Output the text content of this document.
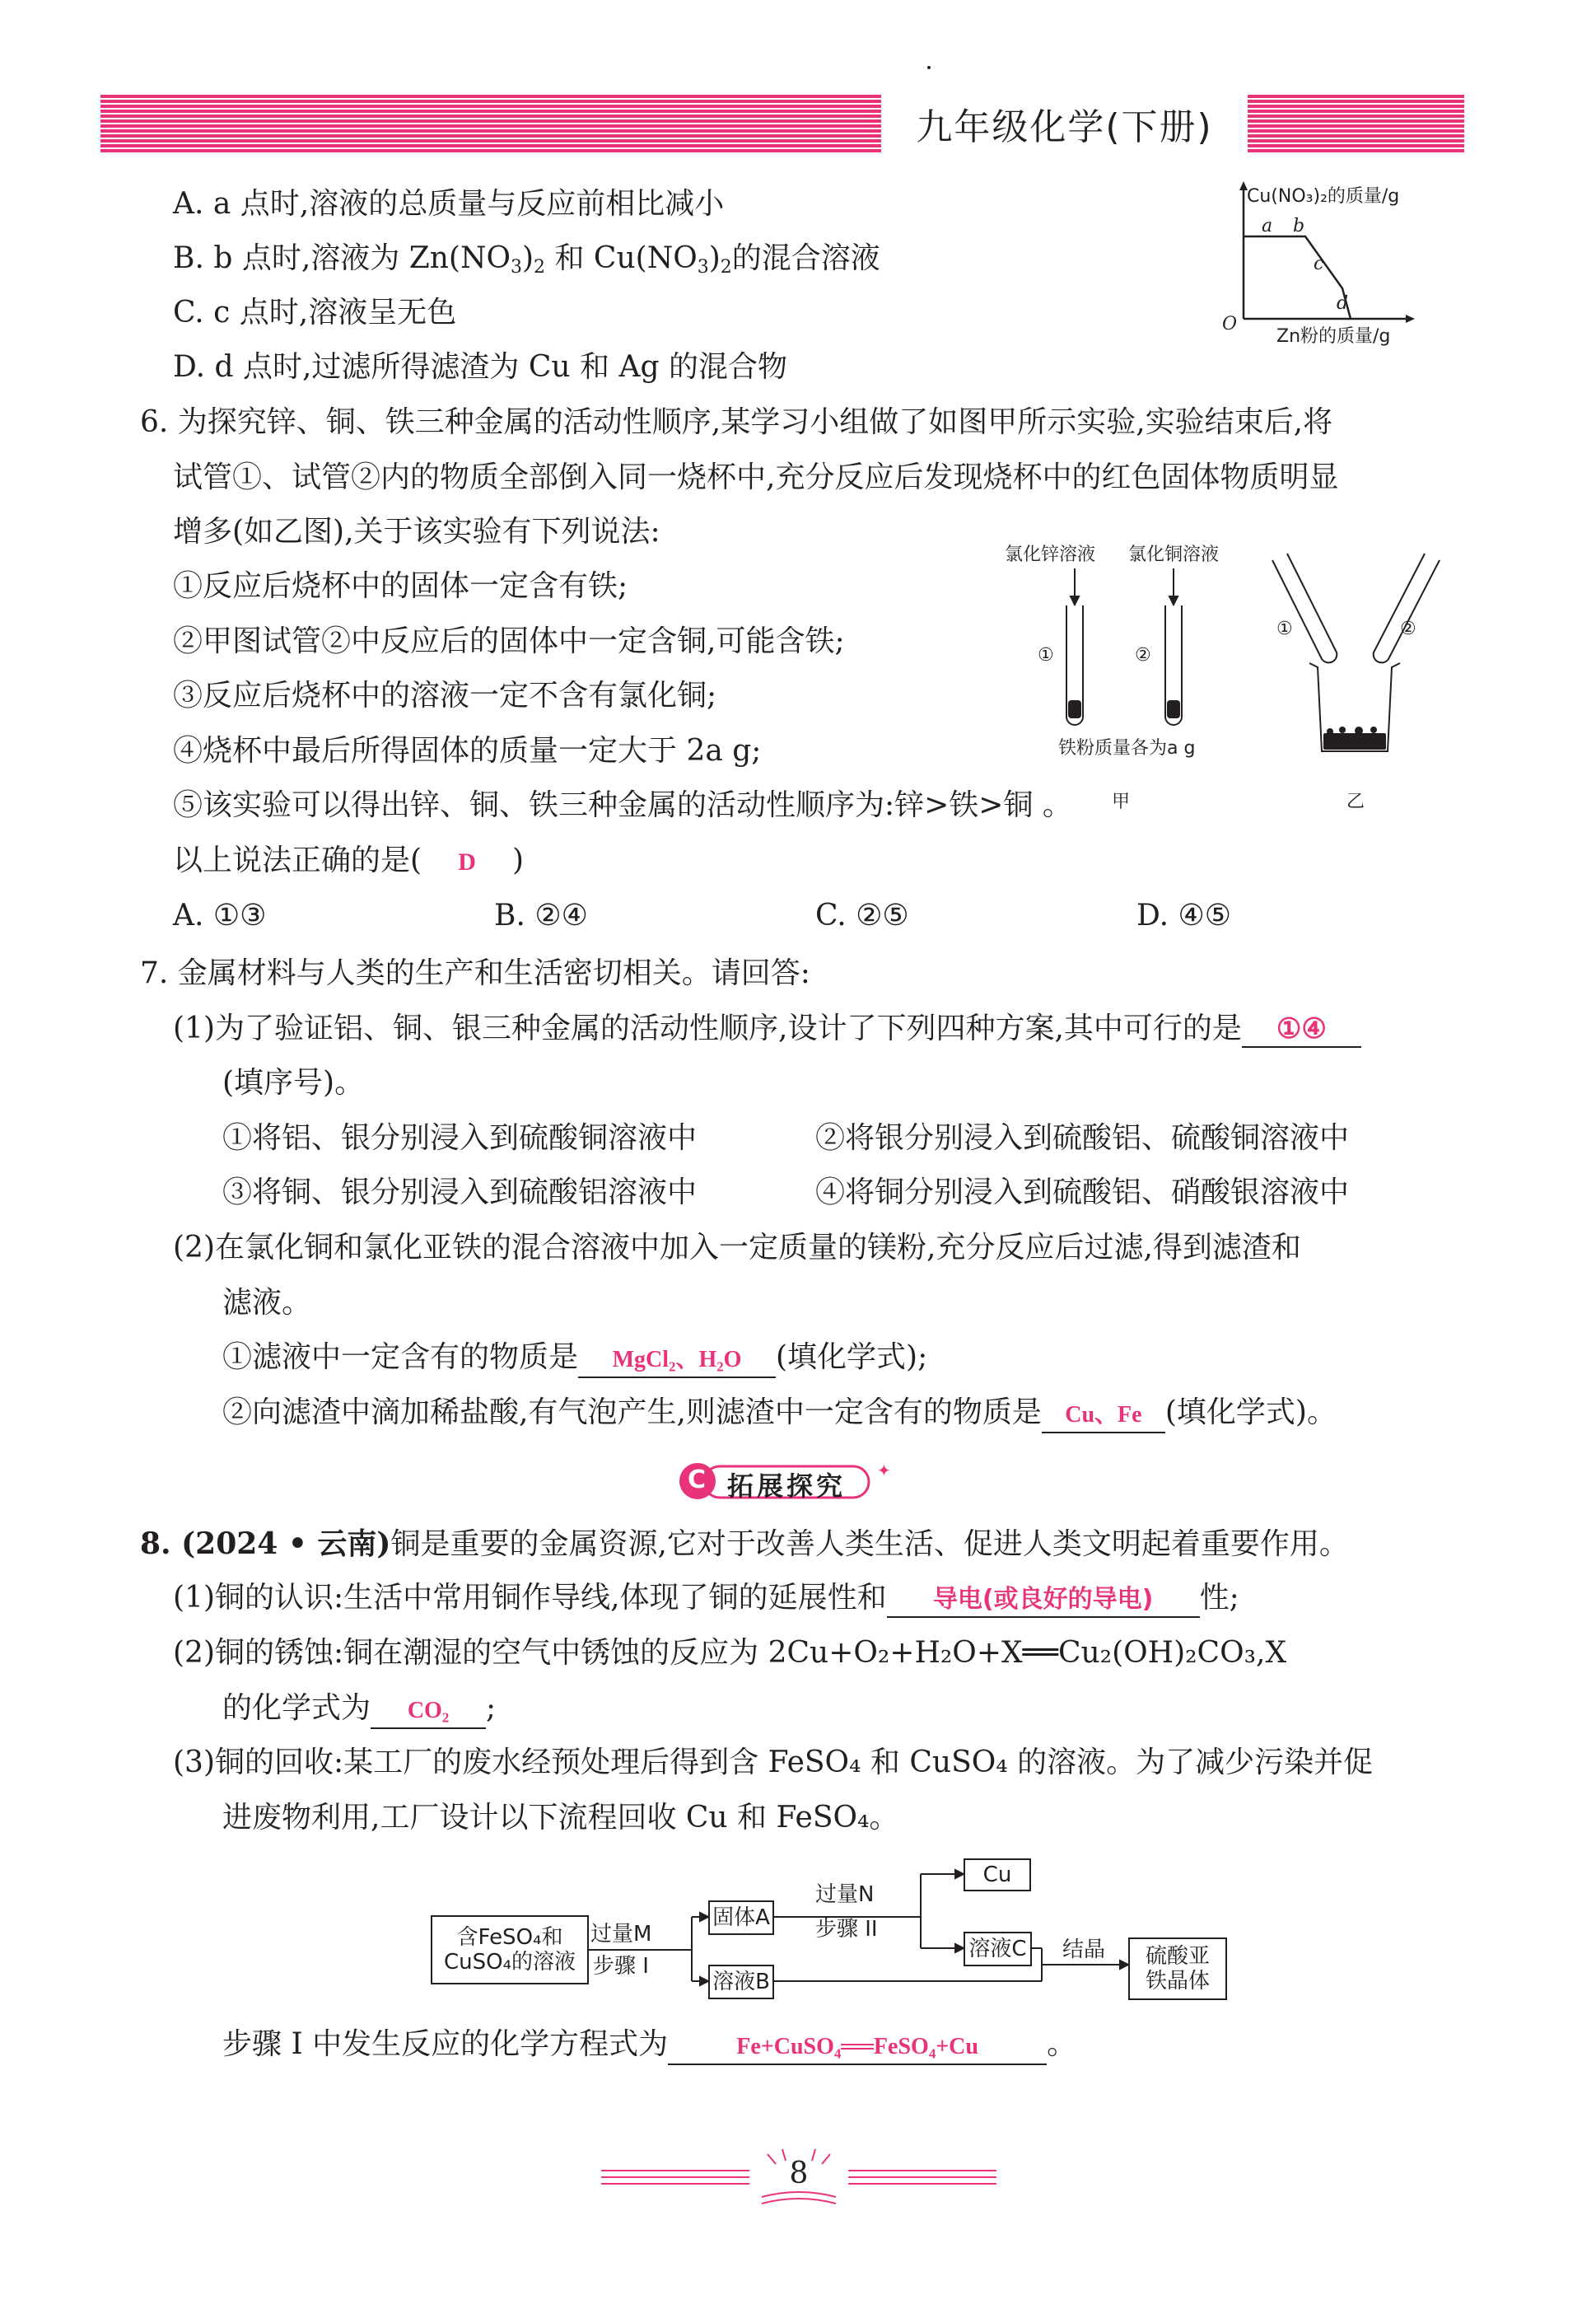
九年级化学(下册)
A. a 点时,溶液的总质量与反应前相比减小
B. b 点时,溶液为 $Zn(NO_3)_2$ 和 $Cu(NO_3)_2$的混合溶液
C. c 点时,溶液呈无色
D. d 点时,过滤所得滤渣为 Cu 和 Ag 的混合物
Cu(NO₃)₂的质量/g
Zn粉的质量/g
O
a b
c
d
6. 为探究锌、铜、铁三种金属的活动性顺序,某学习小组做了如图甲所示实验,实验结束后,将
试管①、试管②内的物质全部倒入同一烧杯中,充分反应后发现烧杯中的红色固体物质明显
增多(如乙图),关于该实验有下列说法:
①反应后烧杯中的固体一定含有铁;
②甲图试管②中反应后的固体中一定含铜,可能含铁;
③反应后烧杯中的溶液一定不含有氯化铜;
④烧杯中最后所得固体的质量一定大于 2a g;
⑤该实验可以得出锌、铜、铁三种金属的活动性顺序为:锌>铁>铜 。
以上说法正确的是( D )
A. ①③	B. ②④	C. ②⑤	D. ④⑤
氯化锌溶液 氯化铜溶液
①	②
铁粉质量各为a g
甲	乙
①	②
7. 金属材料与人类的生产和生活密切相关。请回答:
(1)为了验证铝、铜、银三种金属的活动性顺序,设计了下列四种方案,其中可行的是 ①④
(填序号)。
①将铝、银分别浸入到硫酸铜溶液中	②将银分别浸入到硫酸铝、硫酸铜溶液中
③将铜、银分别浸入到硫酸铝溶液中	④将铜分别浸入到硫酸铝、硝酸银溶液中
(2)在氯化铜和氯化亚铁的混合溶液中加入一定质量的镁粉,充分反应后过滤,得到滤渣和
滤液。
①滤液中一定含有的物质是 MgCl₂、H₂O (填化学式);
②向滤渣中滴加稀盐酸,有气泡产生,则滤渣中一定含有的物质是 Cu、Fe (填化学式)。
✦
C 拓展探究
8. (2024 • 云南)铜是重要的金属资源,它对于改善人类生活、促进人类文明起着重要作用。
(1)铜的认识:生活中常用铜作导线,体现了铜的延展性和 导电(或良好的导电) 性;
(2)铜的锈蚀:铜在潮湿的空气中锈蚀的反应为 2Cu+O₂+H₂O+X══Cu₂(OH)₂CO₃,X
的化学式为 CO₂ ;
(3)铜的回收:某工厂的废水经预处理后得到含 FeSO₄ 和 CuSO₄ 的溶液。为了减少污染并促
进废物利用,工厂设计以下流程回收 Cu 和 FeSO₄。
含FeSO₄和CuSO₄的溶液
过量M
步骤 I
固体A
溶液B
过量N
步骤 II
Cu
溶液C 结晶 硫酸亚铁晶体
步骤 I 中发生反应的化学方程式为	Fe+CuSO₄══FeSO₄+Cu 。
8
